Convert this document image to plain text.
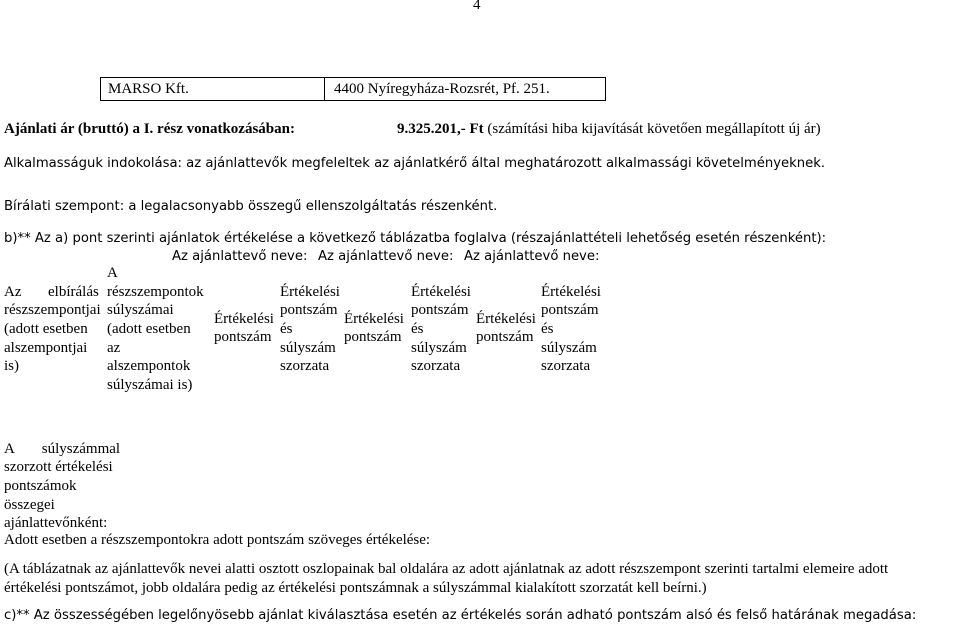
4
MARSO Kft.	4400 Nyíregyháza-Rozsrét, Pf. 251.
Ajánlati ár (bruttó) a I. rész vonatkozásában:	9.325.201,- Ft (számítási hiba kijavítását követően megállapított új ár)
Alkalmasságuk indokolása: az ajánlattevők megfeleltek az ajánlatkérő által meghatározott alkalmassági követelményeknek.
Bírálati szempont: a legalacsonyabb összegű ellenszolgáltatás részenként.
b)** Az a) pont szerinti ajánlatok értékelése a következő táblázatba foglalva (részajánlattételi lehetőség esetén részenként):
Az ajánlattevő neve: Az ajánlattevő neve: Az ajánlattevő neve:
Az elbírálás
részszempontjai
(adott esetben
alszempontjai
is)
A
részszempontok
súlyszámai
(adott esetben
az
alszempontok
súlyszámai is)
Értékelési pontszám
Értékelési
pontszám
és
súlyszám
szorzata
Értékelési pontszám
Értékelési
pontszám
és
súlyszám
szorzata
Értékelési pontszám
Értékelési
pontszám
és
súlyszám
szorzata
A súlyszámmal
szorzott értékelési
pontszámok
összegei
ajánlattevőnként:
Adott esetben a részszempontokra adott pontszám szöveges értékelése:
(A táblázatnak az ajánlattevők nevei alatti osztott oszlopainak bal oldalára az adott ajánlatnak az adott részszempont szerinti tartalmi elemeire adott
értékelési pontszámot, jobb oldalára pedig az értékelési pontszámnak a súlyszámmal kialakított szorzatát kell beírni.)
c)** Az összességében legelőnyösebb ajánlat kiválasztása esetén az értékelés során adható pontszám alsó és felső határának megadása:
